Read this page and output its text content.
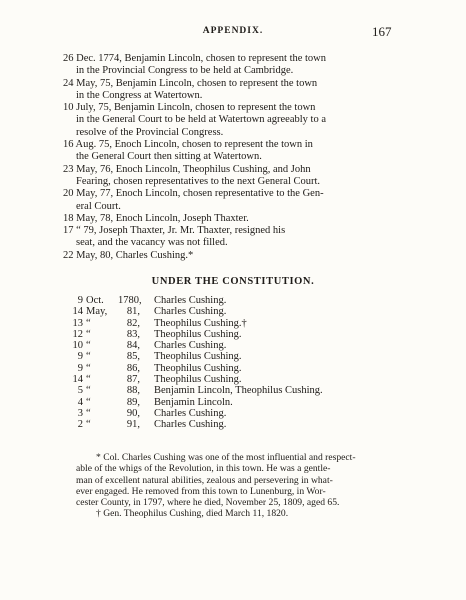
APPENDIX.	167
26 Dec. 1774, Benjamin Lincoln, chosen to represent the town
in the Provincial Congress to be held at Cambridge.
24 May, 75, Benjamin Lincoln, chosen to represent the town
in the Congress at Watertown.
10 July, 75, Benjamin Lincoln, chosen to represent the town
in the General Court to be held at Watertown agreeably to a
resolve of the Provincial Congress.
16 Aug. 75, Enoch Lincoln, chosen to represent the town in
the General Court then sitting at Watertown.
23 May, 76, Enoch Lincoln, Theophilus Cushing, and John
Fearing, chosen representatives to the next General Court.
20 May, 77, Enoch Lincoln, chosen representative to the Gen-
eral Court.
18 May, 78, Enoch Lincoln, Joseph Thaxter.
17 “ 79, Joseph Thaxter, Jr. Mr. Thaxter, resigned his
seat, and the vacancy was not filled.
22 May, 80, Charles Cushing.*
UNDER THE CONSTITUTION.
9 Oct. 1780, Charles Cushing.
14 May,	81, Charles Cushing.
13 “	82, Theophilus Cushing.†
12 “	83, Theophilus Cushing.
10 “	84, Charles Cushing.
9 “	85, Theophilus Cushing.
9 “	86, Theophilus Cushing.
14 “	87, Theophilus Cushing.
5 “	88, Benjamin Lincoln, Theophilus Cushing.
4 “	89, Benjamin Lincoln.
3 “	90, Charles Cushing.
2 “	91, Charles Cushing.
* Col. Charles Cushing was one of the most influential and respect-
able of the whigs of the Revolution, in this town. He was a gentle-
man of excellent natural abilities, zealous and persevering in what-
ever engaged. He removed from this town to Lunenburg, in Wor-
cester County, in 1797, where he died, November 25, 1809, aged 65.
† Gen. Theophilus Cushing, died March 11, 1820.
